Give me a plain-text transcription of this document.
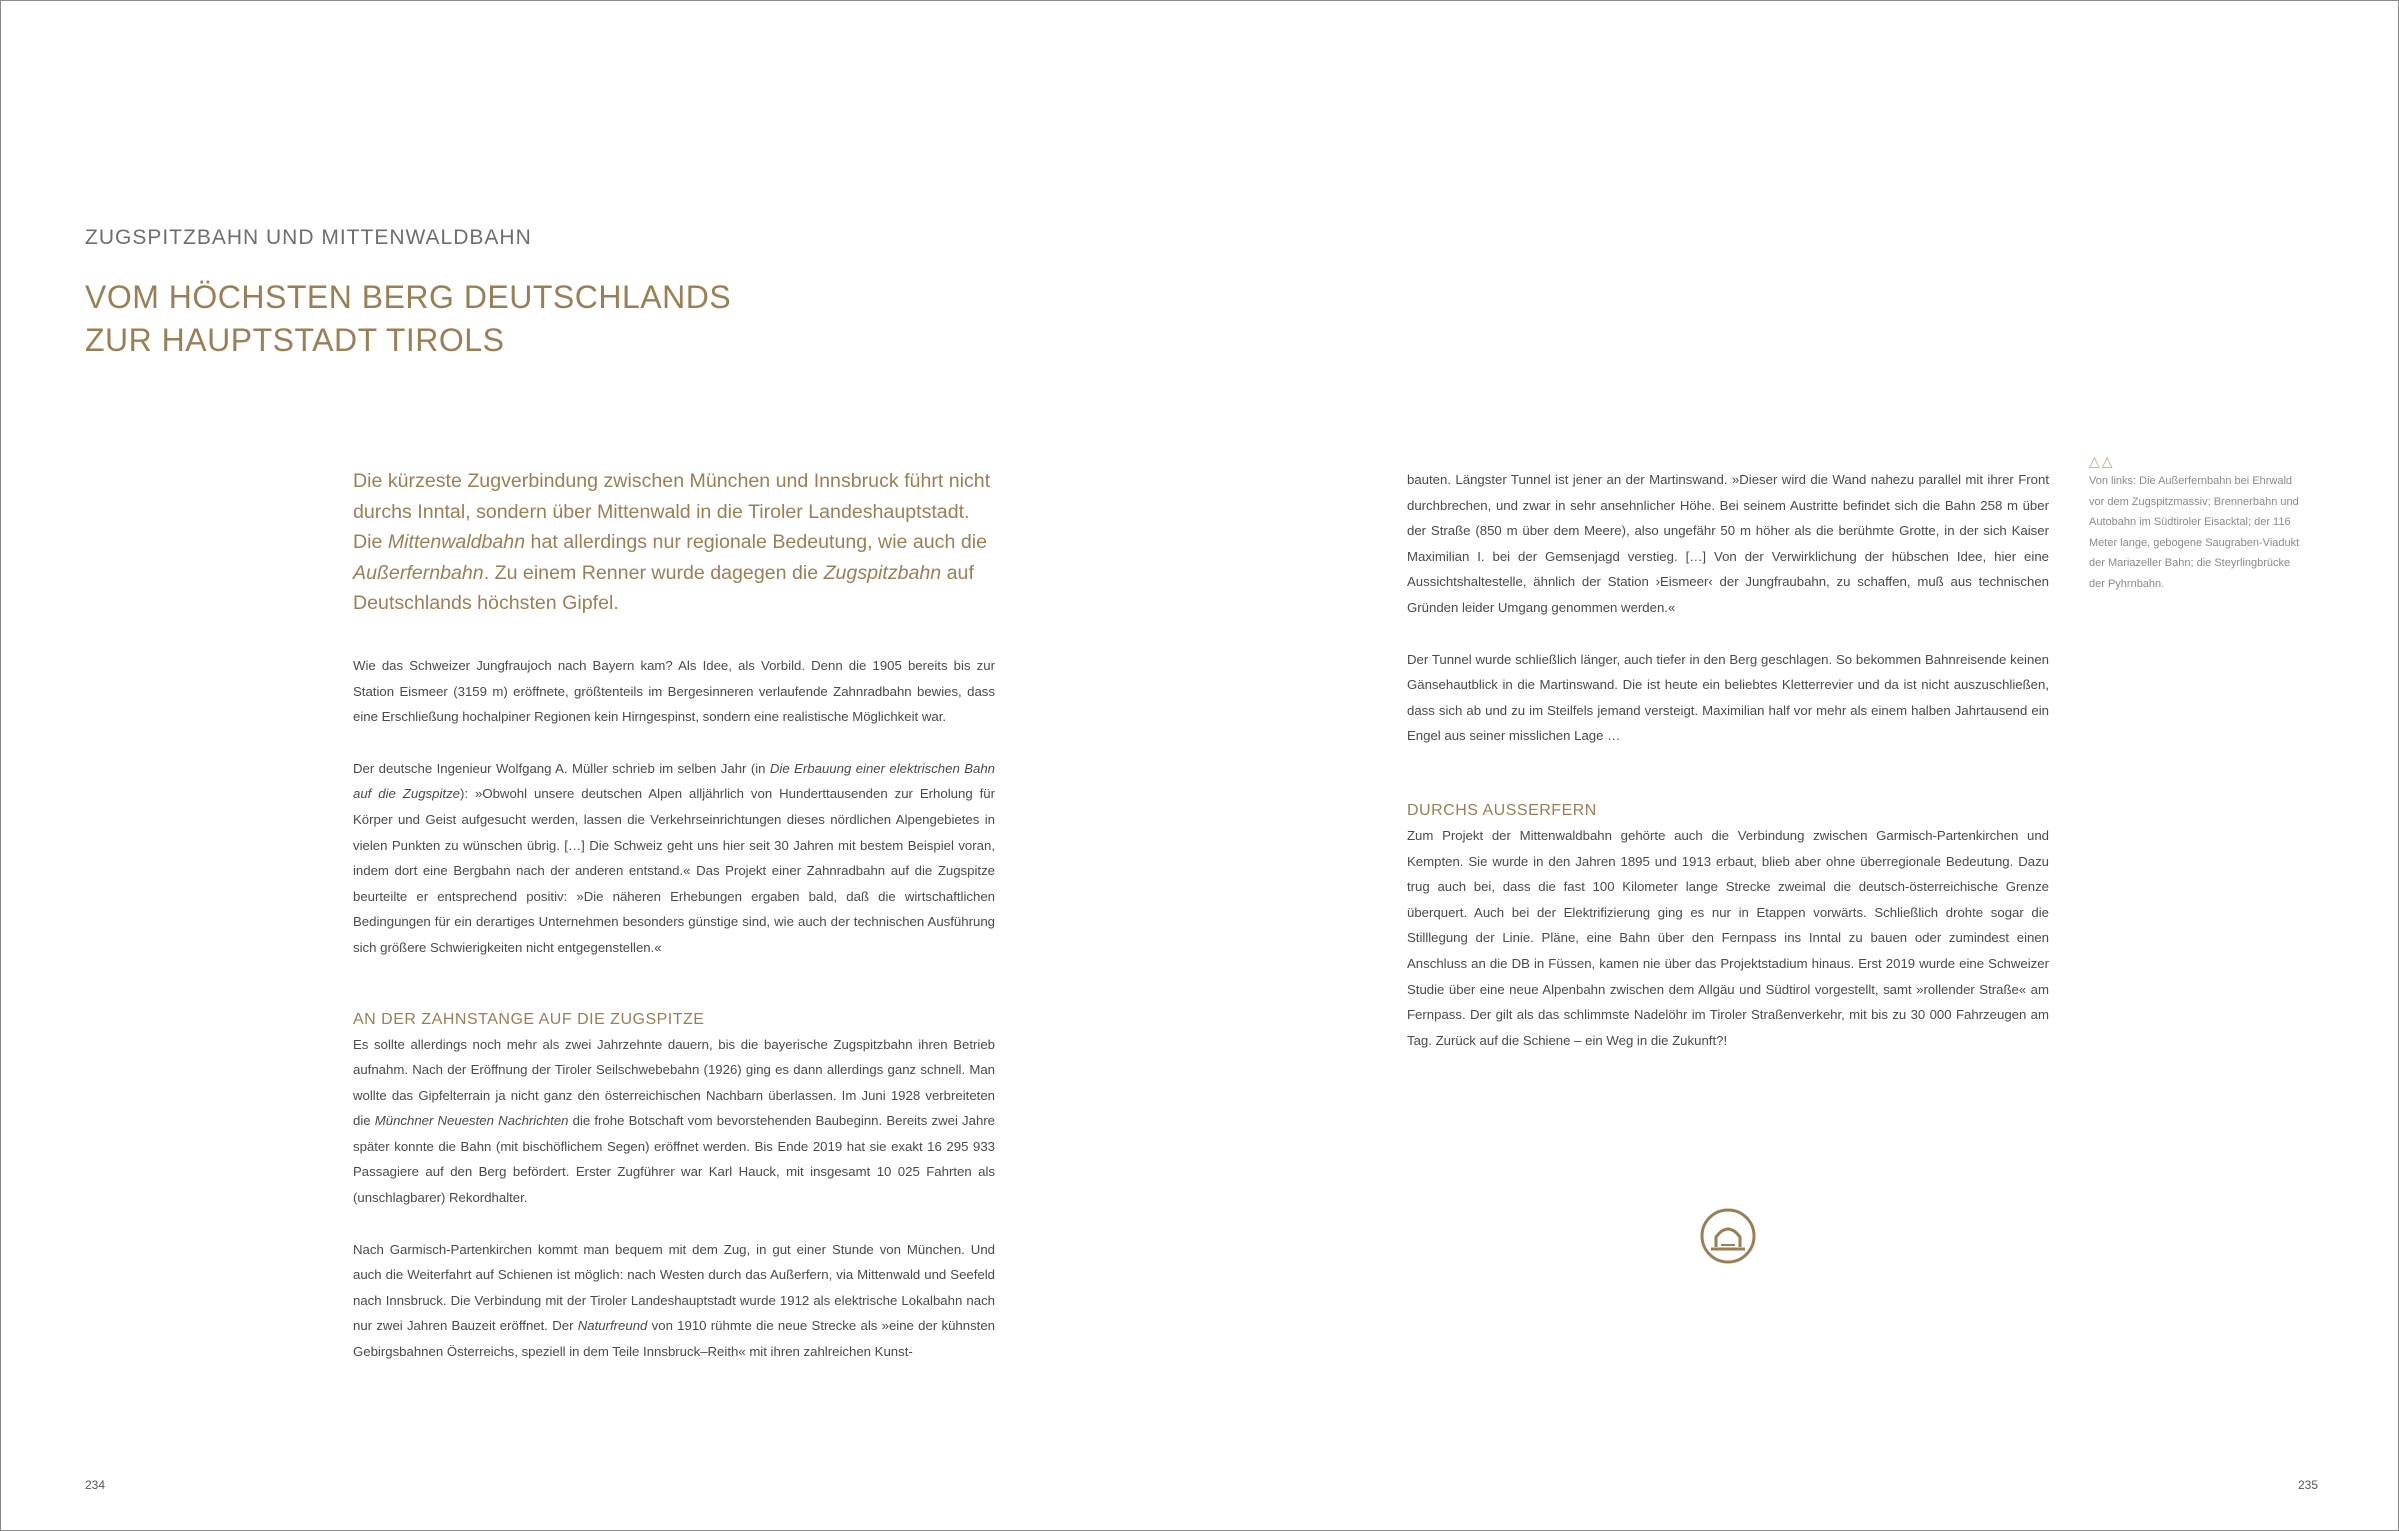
ZUGSPITZBAHN UND MITTENWALDBAHN
VOM HÖCHSTEN BERG DEUTSCHLANDS
ZUR HAUPTSTADT TIROLS
Die kürzeste Zugverbindung zwischen München und Innsbruck führt nicht durchs Inntal, sondern über Mittenwald in die Tiroler Landeshauptstadt. Die Mittenwaldbahn hat allerdings nur regionale Bedeutung, wie auch die Außerfernbahn. Zu einem Renner wurde dagegen die Zugspitzbahn auf Deutschlands höchsten Gipfel.

Wie das Schweizer Jungfraujoch nach Bayern kam? Als Idee, als Vorbild. Denn die 1905 bereits bis zur Station Eismeer (3159 m) eröffnete, größtenteils im Bergesinneren verlaufende Zahnradbahn bewies, dass eine Erschließung hochalpiner Regionen kein Hirngespinst, sondern eine realistische Möglichkeit war.

Der deutsche Ingenieur Wolfgang A. Müller schrieb im selben Jahr (in Die Erbauung einer elektrischen Bahn auf die Zugspitze): »Obwohl unsere deutschen Alpen alljährlich von Hunderttausenden zur Erholung für Körper und Geist aufgesucht werden, lassen die Verkehrseinrichtungen dieses nördlichen Alpengebietes in vielen Punkten zu wünschen übrig. […] Die Schweiz geht uns hier seit 30 Jahren mit bestem Beispiel voran, indem dort eine Bergbahn nach der anderen entstand.« Das Projekt einer Zahnradbahn auf die Zugspitze beurteilte er entsprechend positiv: »Die näheren Erhebungen ergaben bald, daß die wirtschaftlichen Bedingungen für ein derartiges Unternehmen besonders günstige sind, wie auch der technischen Ausführung sich größere Schwierigkeiten nicht entgegenstellen.«

AN DER ZAHNSTANGE AUF DIE ZUGSPITZE

Es sollte allerdings noch mehr als zwei Jahrzehnte dauern, bis die bayerische Zugspitzbahn ihren Betrieb aufnahm. Nach der Eröffnung der Tiroler Seilschwebebahn (1926) ging es dann allerdings ganz schnell. Man wollte das Gipfelterrain ja nicht ganz den österreichischen Nachbarn überlassen. Im Juni 1928 verbreiteten die Münchner Neuesten Nachrichten die frohe Botschaft vom bevorstehenden Baubeginn. Bereits zwei Jahre später konnte die Bahn (mit bischöflichem Segen) eröffnet werden. Bis Ende 2019 hat sie exakt 16 295 933 Passagiere auf den Berg befördert. Erster Zugführer war Karl Hauck, mit insgesamt 10 025 Fahrten als (unschlagbarer) Rekordhalter.

Nach Garmisch-Partenkirchen kommt man bequem mit dem Zug, in gut einer Stunde von München. Und auch die Weiterfahrt auf Schienen ist möglich: nach Westen durch das Außerfern, via Mittenwald und Seefeld nach Innsbruck. Die Verbindung mit der Tiroler Landeshauptstadt wurde 1912 als elektrische Lokalbahn nach nur zwei Jahren Bauzeit eröffnet. Der Naturfreund von 1910 rühmte die neue Strecke als »eine der kühnsten Gebirgsbahnen Österreichs, speziell in dem Teile Innsbruck–Reith« mit ihren zahlreichen Kunst-

bauten. Längster Tunnel ist jener an der Martinswand. »Dieser wird die Wand nahezu parallel mit ihrer Front durchbrechen, und zwar in sehr ansehnlicher Höhe. Bei seinem Austritte befindet sich die Bahn 258 m über der Straße (850 m über dem Meere), also ungefähr 50 m höher als die berühmte Grotte, in der sich Kaiser Maximilian I. bei der Gemsenjagd verstieg. […] Von der Verwirklichung der hübschen Idee, hier eine Aussichtshaltestelle, ähnlich der Station ›Eismeer‹ der Jungfraubahn, zu schaffen, muß aus technischen Gründen leider Umgang genommen werden.«

Der Tunnel wurde schließlich länger, auch tiefer in den Berg geschlagen. So bekommen Bahnreisende keinen Gänsehautblick in die Martinswand. Die ist heute ein beliebtes Kletterrevier und da ist nicht auszuschließen, dass sich ab und zu im Steilfels jemand versteigt. Maximilian half vor mehr als einem halben Jahrtausend ein Engel aus seiner misslichen Lage …

DURCHS AUSSERFERN

Zum Projekt der Mittenwaldbahn gehörte auch die Verbindung zwischen Garmisch-Partenkirchen und Kempten. Sie wurde in den Jahren 1895 und 1913 erbaut, blieb aber ohne überregionale Bedeutung. Dazu trug auch bei, dass die fast 100 Kilometer lange Strecke zweimal die deutsch-österreichische Grenze überquert. Auch bei der Elektrifizierung ging es nur in Etappen vorwärts. Schließlich drohte sogar die Stilllegung der Linie. Pläne, eine Bahn über den Fernpass ins Inntal zu bauen oder zumindest einen Anschluss an die DB in Füssen, kamen nie über das Projektstadium hinaus. Erst 2019 wurde eine Schweizer Studie über eine neue Alpenbahn zwischen dem Allgäu und Südtirol vorgestellt, samt »rollender Straße« am Fernpass. Der gilt als das schlimmste Nadelöhr im Tiroler Straßenverkehr, mit bis zu 30 000 Fahrzeugen am Tag. Zurück auf die Schiene – ein Weg in die Zukunft?!

△△
Von links: Die Außerfernbahn bei Ehrwald vor dem Zugspitzmassiv; Brennerbahn und Autobahn im Südtiroler Eisacktal; der 116 Meter lange, gebogene Saugraben-Viadukt der Mariazeller Bahn; die Steyrlingbrücke der Pyhrnbahn.
234	235
